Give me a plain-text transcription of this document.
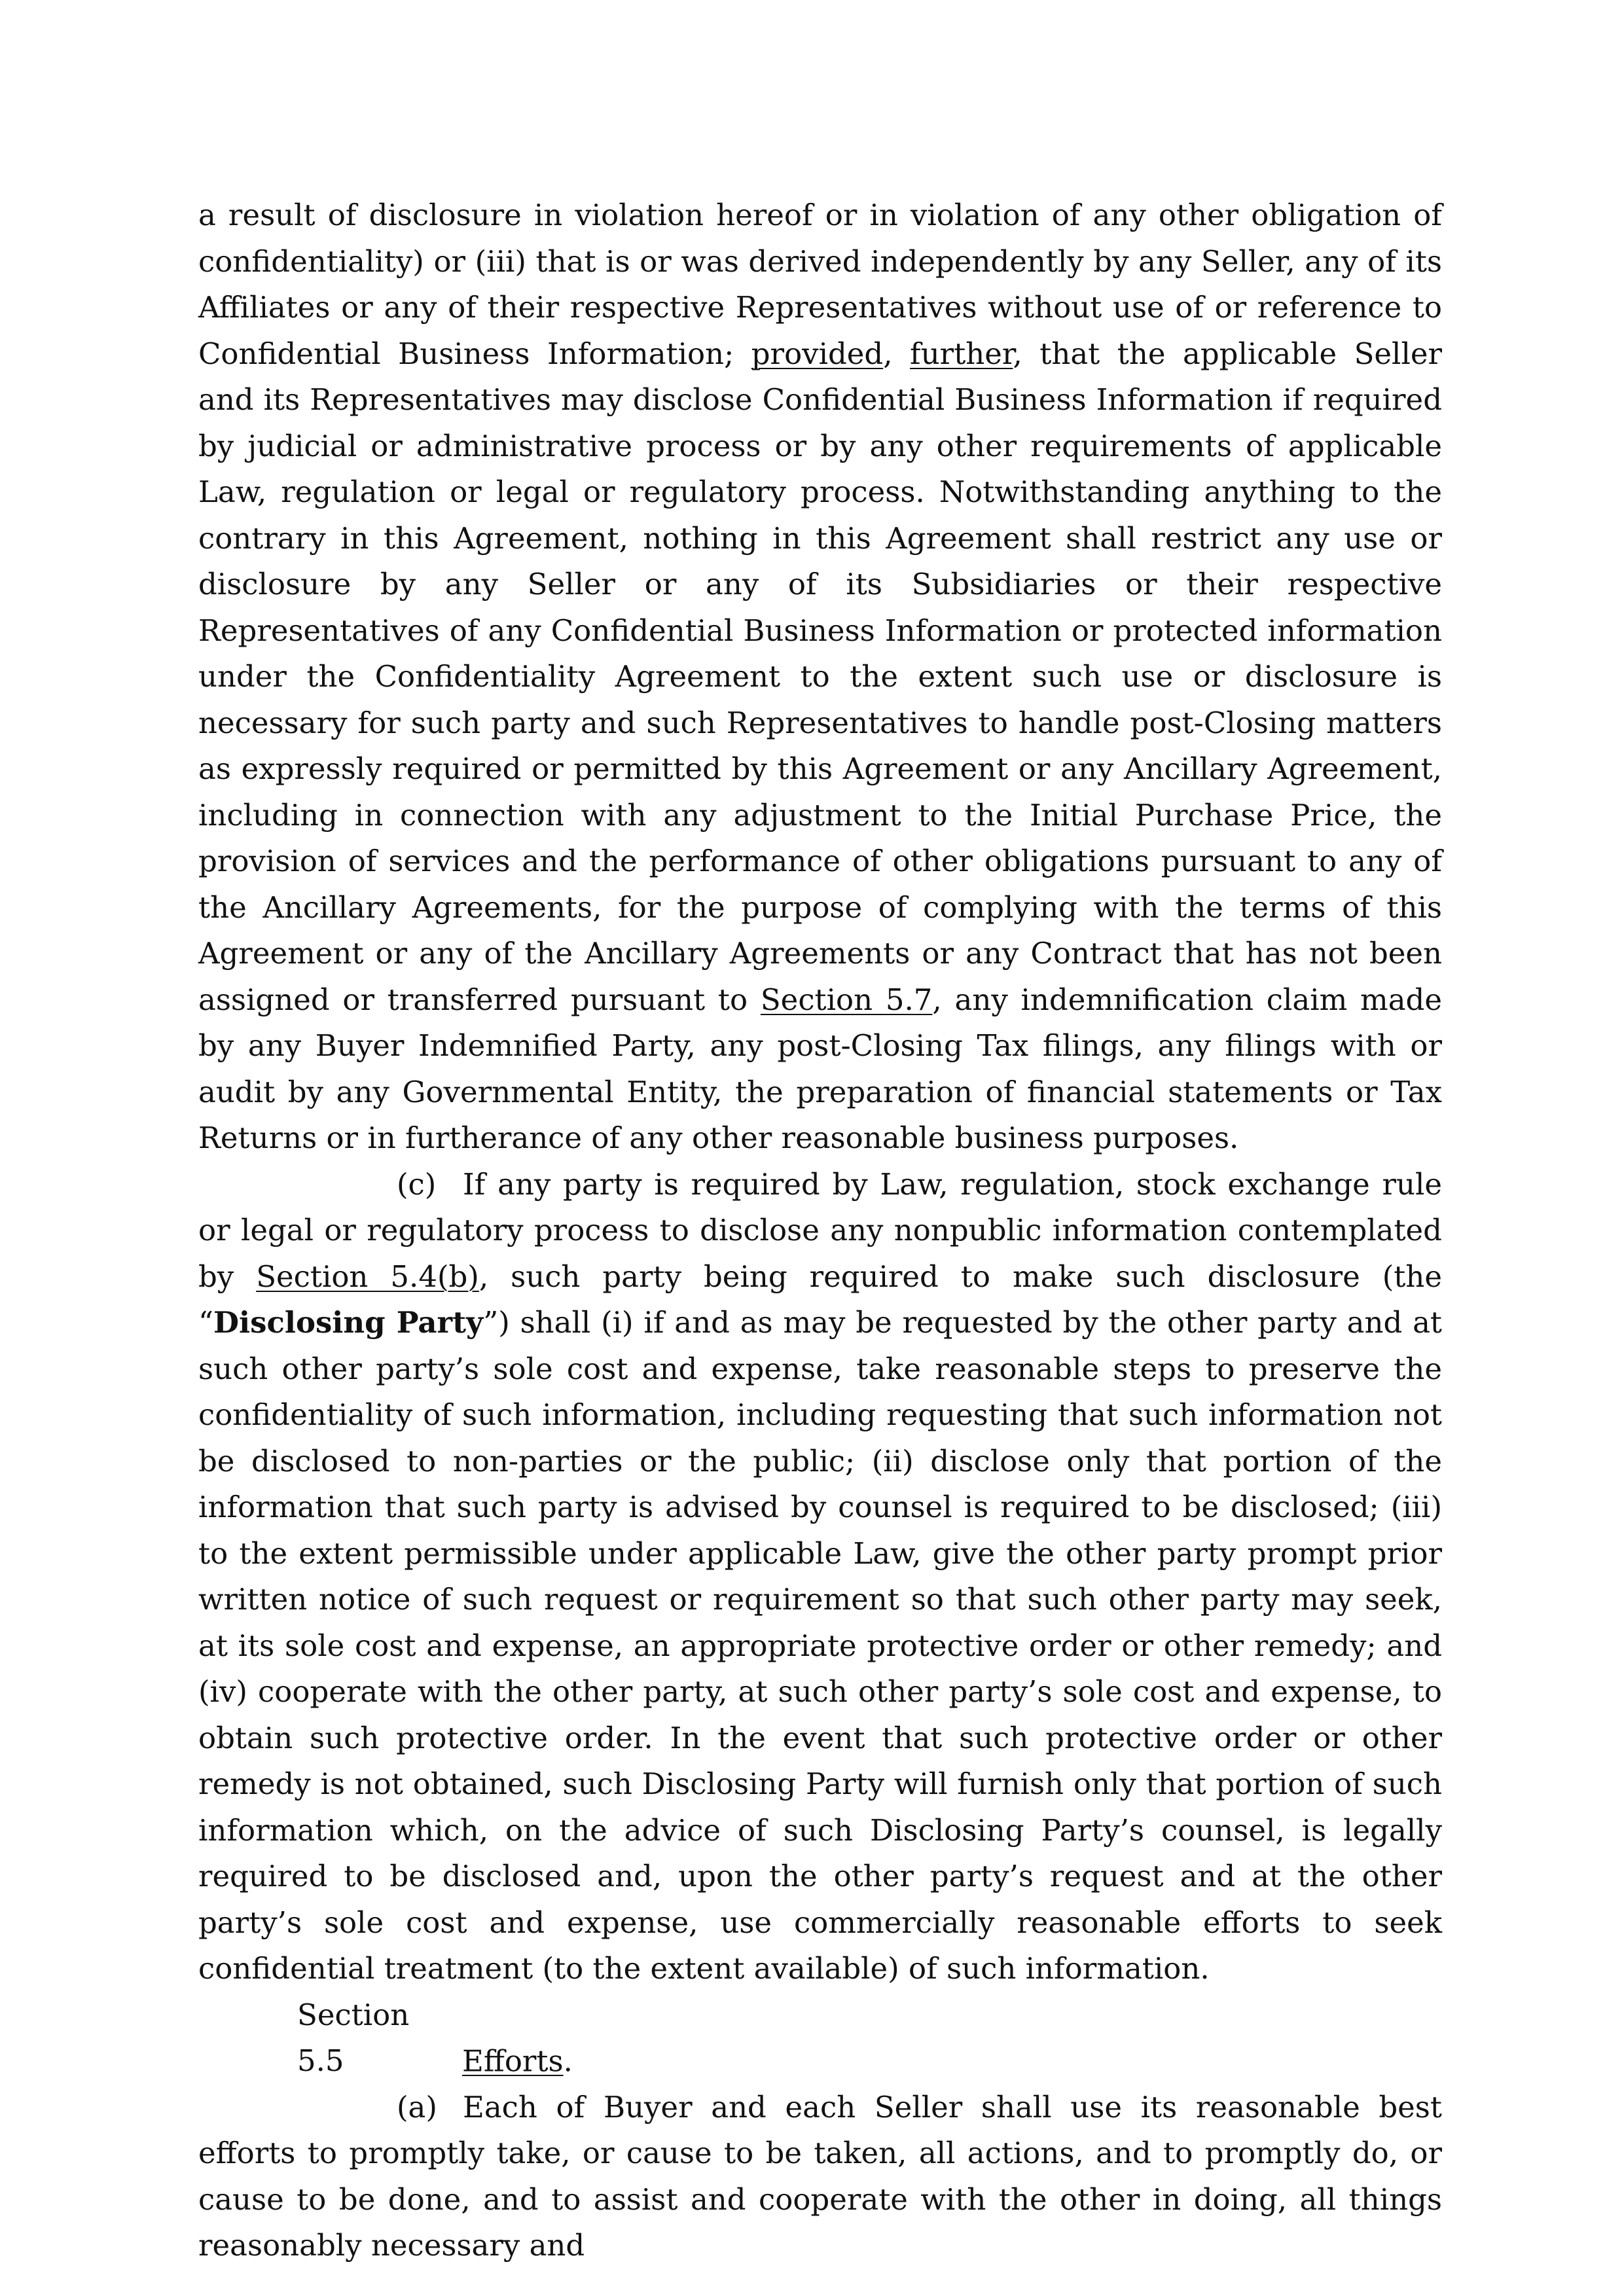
a result of disclosure in violation hereof or in violation of any other obligation of confidentiality) or (iii) that is or was derived independently by any Seller, any of its Affiliates or any of their respective Representatives without use of or reference to Confidential Business Information; provided, further, that the applicable Seller and its Representatives may disclose Confidential Business Information if required by judicial or administrative process or by any other requirements of applicable Law, regulation or legal or regulatory process. Notwithstanding anything to the contrary in this Agreement, nothing in this Agreement shall restrict any use or disclosure by any Seller or any of its Subsidiaries or their respective Representatives of any Confidential Business Information or protected information under the Confidentiality Agreement to the extent such use or disclosure is necessary for such party and such Representatives to handle post-Closing matters as expressly required or permitted by this Agreement or any Ancillary Agreement, including in connection with any adjustment to the Initial Purchase Price, the provision of services and the performance of other obligations pursuant to any of the Ancillary Agreements, for the purpose of complying with the terms of this Agreement or any of the Ancillary Agreements or any Contract that has not been assigned or transferred pursuant to Section 5.7, any indemnification claim made by any Buyer Indemnified Party, any post-Closing Tax filings, any filings with or audit by any Governmental Entity, the preparation of financial statements or Tax Returns or in furtherance of any other reasonable business purposes.

(c) If any party is required by Law, regulation, stock exchange rule or legal or regulatory process to disclose any nonpublic information contemplated by Section 5.4(b), such party being required to make such disclosure (the “Disclosing Party”) shall (i) if and as may be requested by the other party and at such other party’s sole cost and expense, take reasonable steps to preserve the confidentiality of such information, including requesting that such information not be disclosed to non-parties or the public; (ii) disclose only that portion of the information that such party is advised by counsel is required to be disclosed; (iii) to the extent permissible under applicable Law, give the other party prompt prior written notice of such request or requirement so that such other party may seek, at its sole cost and expense, an appropriate protective order or other remedy; and (iv) cooperate with the other party, at such other party’s sole cost and expense, to obtain such protective order. In the event that such protective order or other remedy is not obtained, such Disclosing Party will furnish only that portion of such information which, on the advice of such Disclosing Party’s counsel, is legally required to be disclosed and, upon the other party’s request and at the other party’s sole cost and expense, use commercially reasonable efforts to seek confidential treatment (to the extent available) of such information.

Section 5.5	Efforts.

(a) Each of Buyer and each Seller shall use its reasonable best efforts to promptly take, or cause to be taken, all actions, and to promptly do, or cause to be done, and to assist and cooperate with the other in doing, all things reasonably necessary and
